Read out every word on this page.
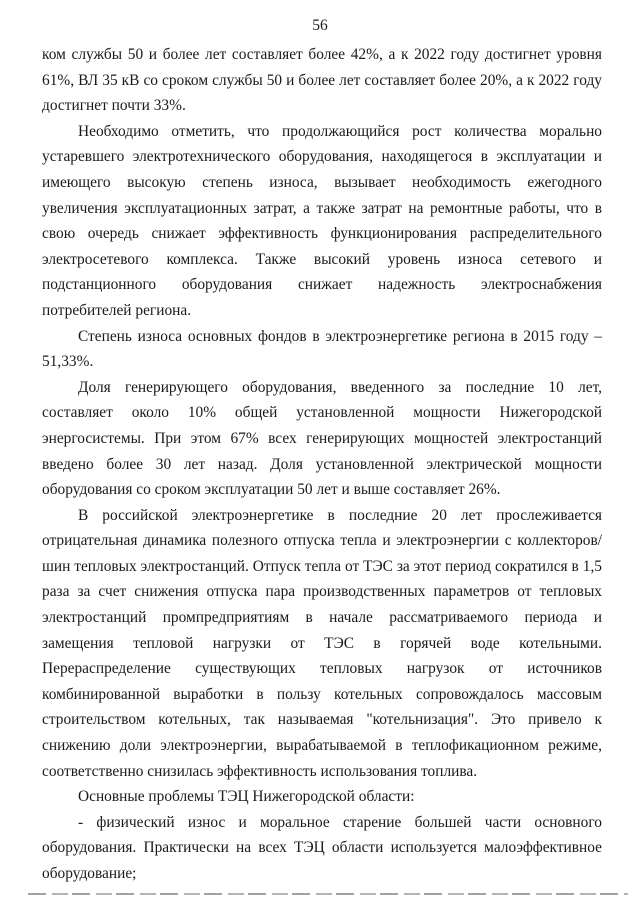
56

ком службы 50 и более лет составляет более 42%, а к 2022 году достигнет уровня 61%, ВЛ 35 кВ со сроком службы 50 и более лет составляет более 20%, а к 2022 году достигнет почти 33%.

Необходимо отметить, что продолжающийся рост количества морально устаревшего электротехнического оборудования, находящегося в эксплуатации и имеющего высокую степень износа, вызывает необходимость ежегодного увеличения эксплуатационных затрат, а также затрат на ремонтные работы, что в свою очередь снижает эффективность функционирования распределительного электросетевого комплекса. Также высокий уровень износа сетевого и подстанционного оборудования снижает надежность электроснабжения потребителей региона.

Степень износа основных фондов в электроэнергетике региона в 2015 году – 51,33%.

Доля генерирующего оборудования, введенного за последние 10 лет, составляет около 10% общей установленной мощности Нижегородской энергосистемы. При этом 67% всех генерирующих мощностей электростанций введено более 30 лет назад. Доля установленной электрической мощности оборудования со сроком эксплуатации 50 лет и выше составляет 26%.

В российской электроэнергетике в последние 20 лет прослеживается отрицательная динамика полезного отпуска тепла и электроэнергии с коллекторов/шин тепловых электростанций. Отпуск тепла от ТЭС за этот период сократился в 1,5 раза за счет снижения отпуска пара производственных параметров от тепловых электростанций промпредприятиям в начале рассматриваемого периода и замещения тепловой нагрузки от ТЭС в горячей воде котельными. Перераспределение существующих тепловых нагрузок от источников комбинированной выработки в пользу котельных сопровождалось массовым строительством котельных, так называемая "котельнизация". Это привело к снижению доли электроэнергии, вырабатываемой в теплофикационном режиме, соответственно снизилась эффективность использования топлива.

Основные проблемы ТЭЦ Нижегородской области:

- физический износ и моральное старение большей части основного оборудования. Практически на всех ТЭЦ области используется малоэффективное оборудование;
